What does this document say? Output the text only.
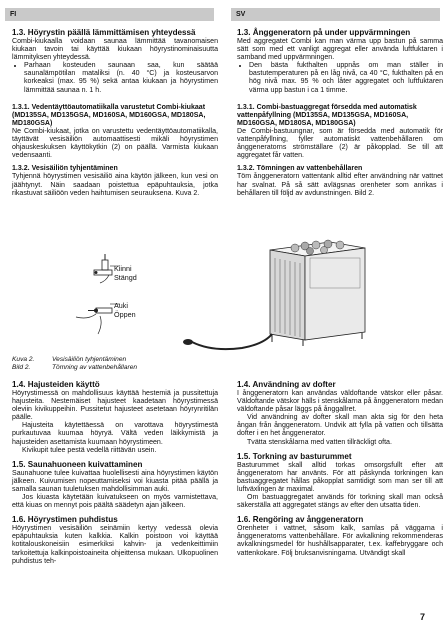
FI	SV

1.3. Höyrystin päällä lämmittämisen yhteydessä

Combi-kiukaalla voidaan saunaa lämmittää tavanomaisen kiukaan tavoin tai käyttää kiukaan höyrystinominaisuutta lämmityksen yhteydessä.

• Parhaan kosteuden saunaan saa, kun säätää saunalämpötilan mataliksi (n. 40 °C) ja kosteusarvon korkeaksi (max. 95 %) sekä antaa kiukaan ja höyrystimen lämmittää saunaa n. 1 h.

1.3.1. Vedentäyttöautomatiikalla varustetut Combi-kiukaat (MD135SA, MD135GSA, MD160SA, MD160GSA, MD180SA, MD180GSA)

Ne Combi-kiukaat, jotka on varustettu vedentäyttöautomatiikalla, täyttävät vesisäiliön automaattisesti mikäli höyrystimen ohjauskeskuksen käyttökytkin (2) on päällä. Varmista kiukaan vedensaanti.

1.3.2. Vesisäiliön tyhjentäminen

Tyhjennä höyrystimen vesisäiliö aina käytön jälkeen, kun vesi on jäähtynyt. Näin saadaan poistettua epäpuhtauksia, jotka rikastuvat säiliöön veden haihtumisen seurauksena. Kuva 2.

1.3. Ånggeneratorn på under uppvärmningen

Med aggregatet Combi kan man värma upp bastun på samma sätt som med ett vanligt aggregat eller använda luftfuktaren i samband med uppvärmningen.

• Den bästa fukthalten uppnås om man ställer in bastutemperaturen på en låg nivå, ca 40 °C, fukthalten på en hög nivå max. 95 % och låter aggregatet och luftfuktaren värma upp bastun i ca 1 timme.

1.3.1. Combi-bastuaggregat försedda med automatisk vattenpåfyllning (MD135SA, MD135GSA, MD160SA, MD160GSA, MD180SA, MD180GSA)

De Combi-bastuungnar, som är försedda med automatik för vattenpåfyllning, fyller automatiskt vattenbehållaren om ånggeneratorns strömställare (2) är påkopplad. Se till att aggregatet får vatten.

1.3.2. Tömningen av vattenbehållaren

Töm ånggeneratorn vattentank alltid efter användning när vattnet har svalnat. På så sätt avlägsnas orenheter som anrikas i behållaren till följd av avdunstningen. Bild 2.

Kiinni
Stängd
Auki
Öppen
Kuva 2.	Vesisäiliön tyhjentäminen
Bild 2.	Tömning av vattenbehållaren

1.4. Hajusteiden käyttö

Höyrystimessä on mahdollisuus käyttää hestemiä ja pussitettuja hajusteita. Nestemäiset hajusteet kaadetaan höyrystimessä oleviin kivikuppeihin. Pussitetut hajusteet asetetaan höyrynritilän päälle.

Hajusteita käytettäessä on varottava höyrystimestä purkautuvaa kuumaa höyryä. Vältä veden läikkymistä ja hajusteiden asettamista kuumaan höyrystimeen.

Kivikupit tulee pestä vedellä riittävän usein.

1.5. Saunahuoneen kuivattaminen

Saunahuone tulee kuivattaa huolellisesti aina höyrystimen käytön jälkeen. Kuivumisen nopeuttamiseksi voi kiuasta pitää päällä ja samalla saunan tuuletuksen mahdollisimman auki.

Jos kiuasta käytetään kuivatukseen on myös varmistettava, että kiuas on mennyt pois päältä säädetyn ajan jälkeen.

1.6. Höyrystimen puhdistus

Höyrystimen vesisäiliön seinämiin kertyy vedessä olevia epäpuhtauksia kuten kalkkia. Kalkin poistoon voi käyttää kotitalouskoneisiin esimerkiksi kahvin- ja vedenkeittimiin tarkoitettuja kalkinpoistoaineita ohjeittensa mukaan. Ulkopuolinen puhdistus teh-

1.4. Användning av dofter

I ånggeneratorn kan användas väldoftande vätskor eller påsar. Väldoftande vätskor hälls i stenskålarna på ånggeneratorn medan väldoftande påsar läggs på ånggallret.

Vid användning av dofter skall man akta sig för den heta ångan från ånggeneratorn. Undvik att fylla på vatten och tillsätta dofter i en het ånggenerator.

Tvätta stenskålarna med vatten tillräckligt ofta.

1.5. Torkning av basturummet

Basturummet skall alltid torkas omsorgsfullt efter att ånggeneratorn har använts. För att påskynda torkningen kan bastuaggregatet hållas påkopplat samtidigt som man ser till att luftväxlingen är maximal.

Om bastuaggregatet används för torkning skall man också säkerställa att aggregatet stängs av efter den utsatta tiden.

1.6. Rengöring av ånggeneratorn

Orenheter i vattnet, såsom kalk, samlas på väggarna i ånggeneratorns vattenbehållare. För avkalkning rekommenderas avkalkningsmedel för hushållsapparater, t.ex. kaffebryggare och vattenkokare. Följ bruksanvisningarna. Utvändigt skall

7
